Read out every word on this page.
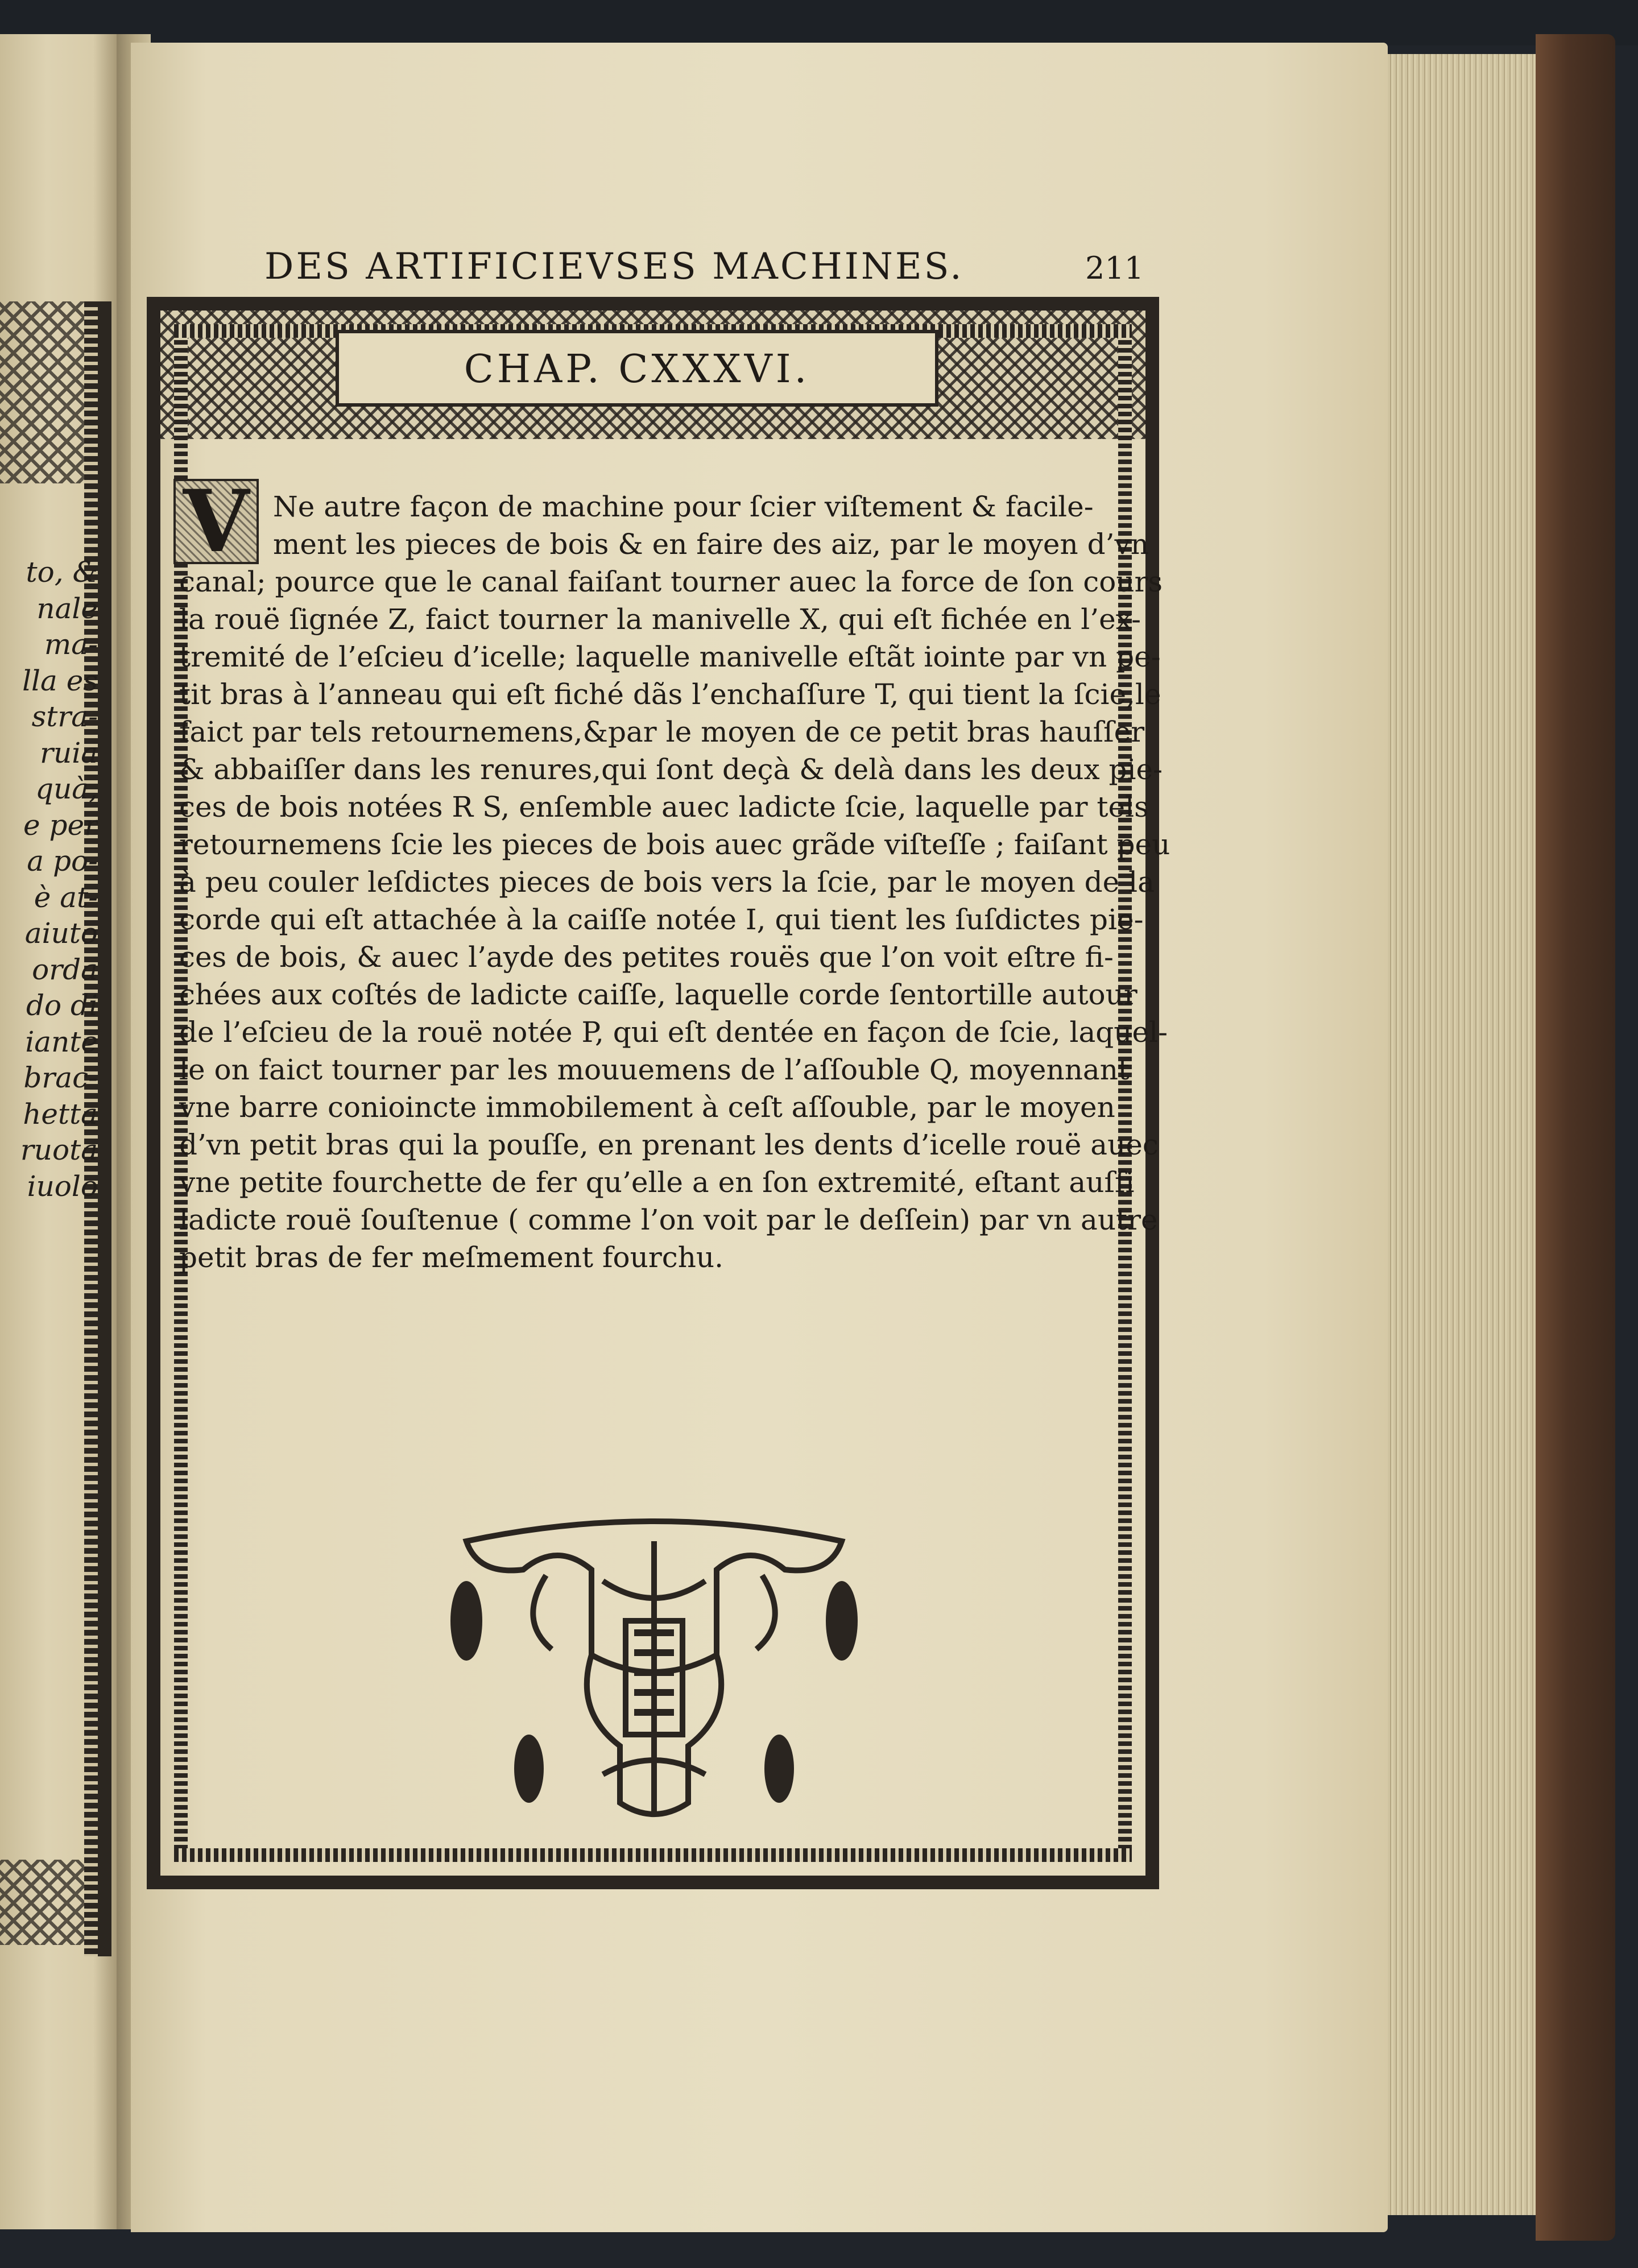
to, &
nale
ma-
lla es
stra-
ruia
quà,
e per
a po-
è at-
aiuto
orda
do di
iante
brac-
hetta
ruota
iuolo
DES ARTIFICIEVSES MACHINES.	211
CHAP. CXXXVI.
V Ne autre façon de machine pour ſcier viſtement & facile-
ment les pieces de bois & en faire des aiz, par le moyen d’vn
canal; pource que le canal faiſant tourner auec la force de ſon cours
la rouë ſignée Z, faict tourner la manivelle X, qui eſt fichée en l’ex-
tremité de l’eſcieu d’icelle; laquelle manivelle eſtãt iointe par vn pe-
tit bras à l’anneau qui eſt fiché dãs l’enchaſſure T, qui tient la ſcie,le
faict par tels retournemens,&par le moyen de ce petit bras hauſſer
& abbaiſſer dans les renures,qui ſont deçà & delà dans les deux pie-
ces de bois notées R S, enſemble auec ladicte ſcie, laquelle par tels
retournemens ſcie les pieces de bois auec grãde viſteſſe ; faiſant peu
à peu couler leſdictes pieces de bois vers la ſcie, par le moyen de la
corde qui eſt attachée à la caiſſe notée I, qui tient les ſuſdictes pie-
ces de bois, & auec l’ayde des petites rouës que l’on voit eſtre fi-
chées aux coſtés de ladicte caiſſe, laquelle corde ſentortille autour
de l’eſcieu de la rouë notée P, qui eſt dentée en façon de ſcie, laquel-
le on faict tourner par les mouuemens de l’aſſouble Q, moyennant
vne barre conioincte immobilement à ceſt aſſouble, par le moyen
d’vn petit bras qui la pouſſe, en prenant les dents d’icelle rouë auec
vne petite fourchette de fer qu’elle a en ſon extremité, eſtant auſſi
ladicte rouë ſouſtenue ( comme l’on voit par le deſſein) par vn autre
petit bras de fer meſmement fourchu.
